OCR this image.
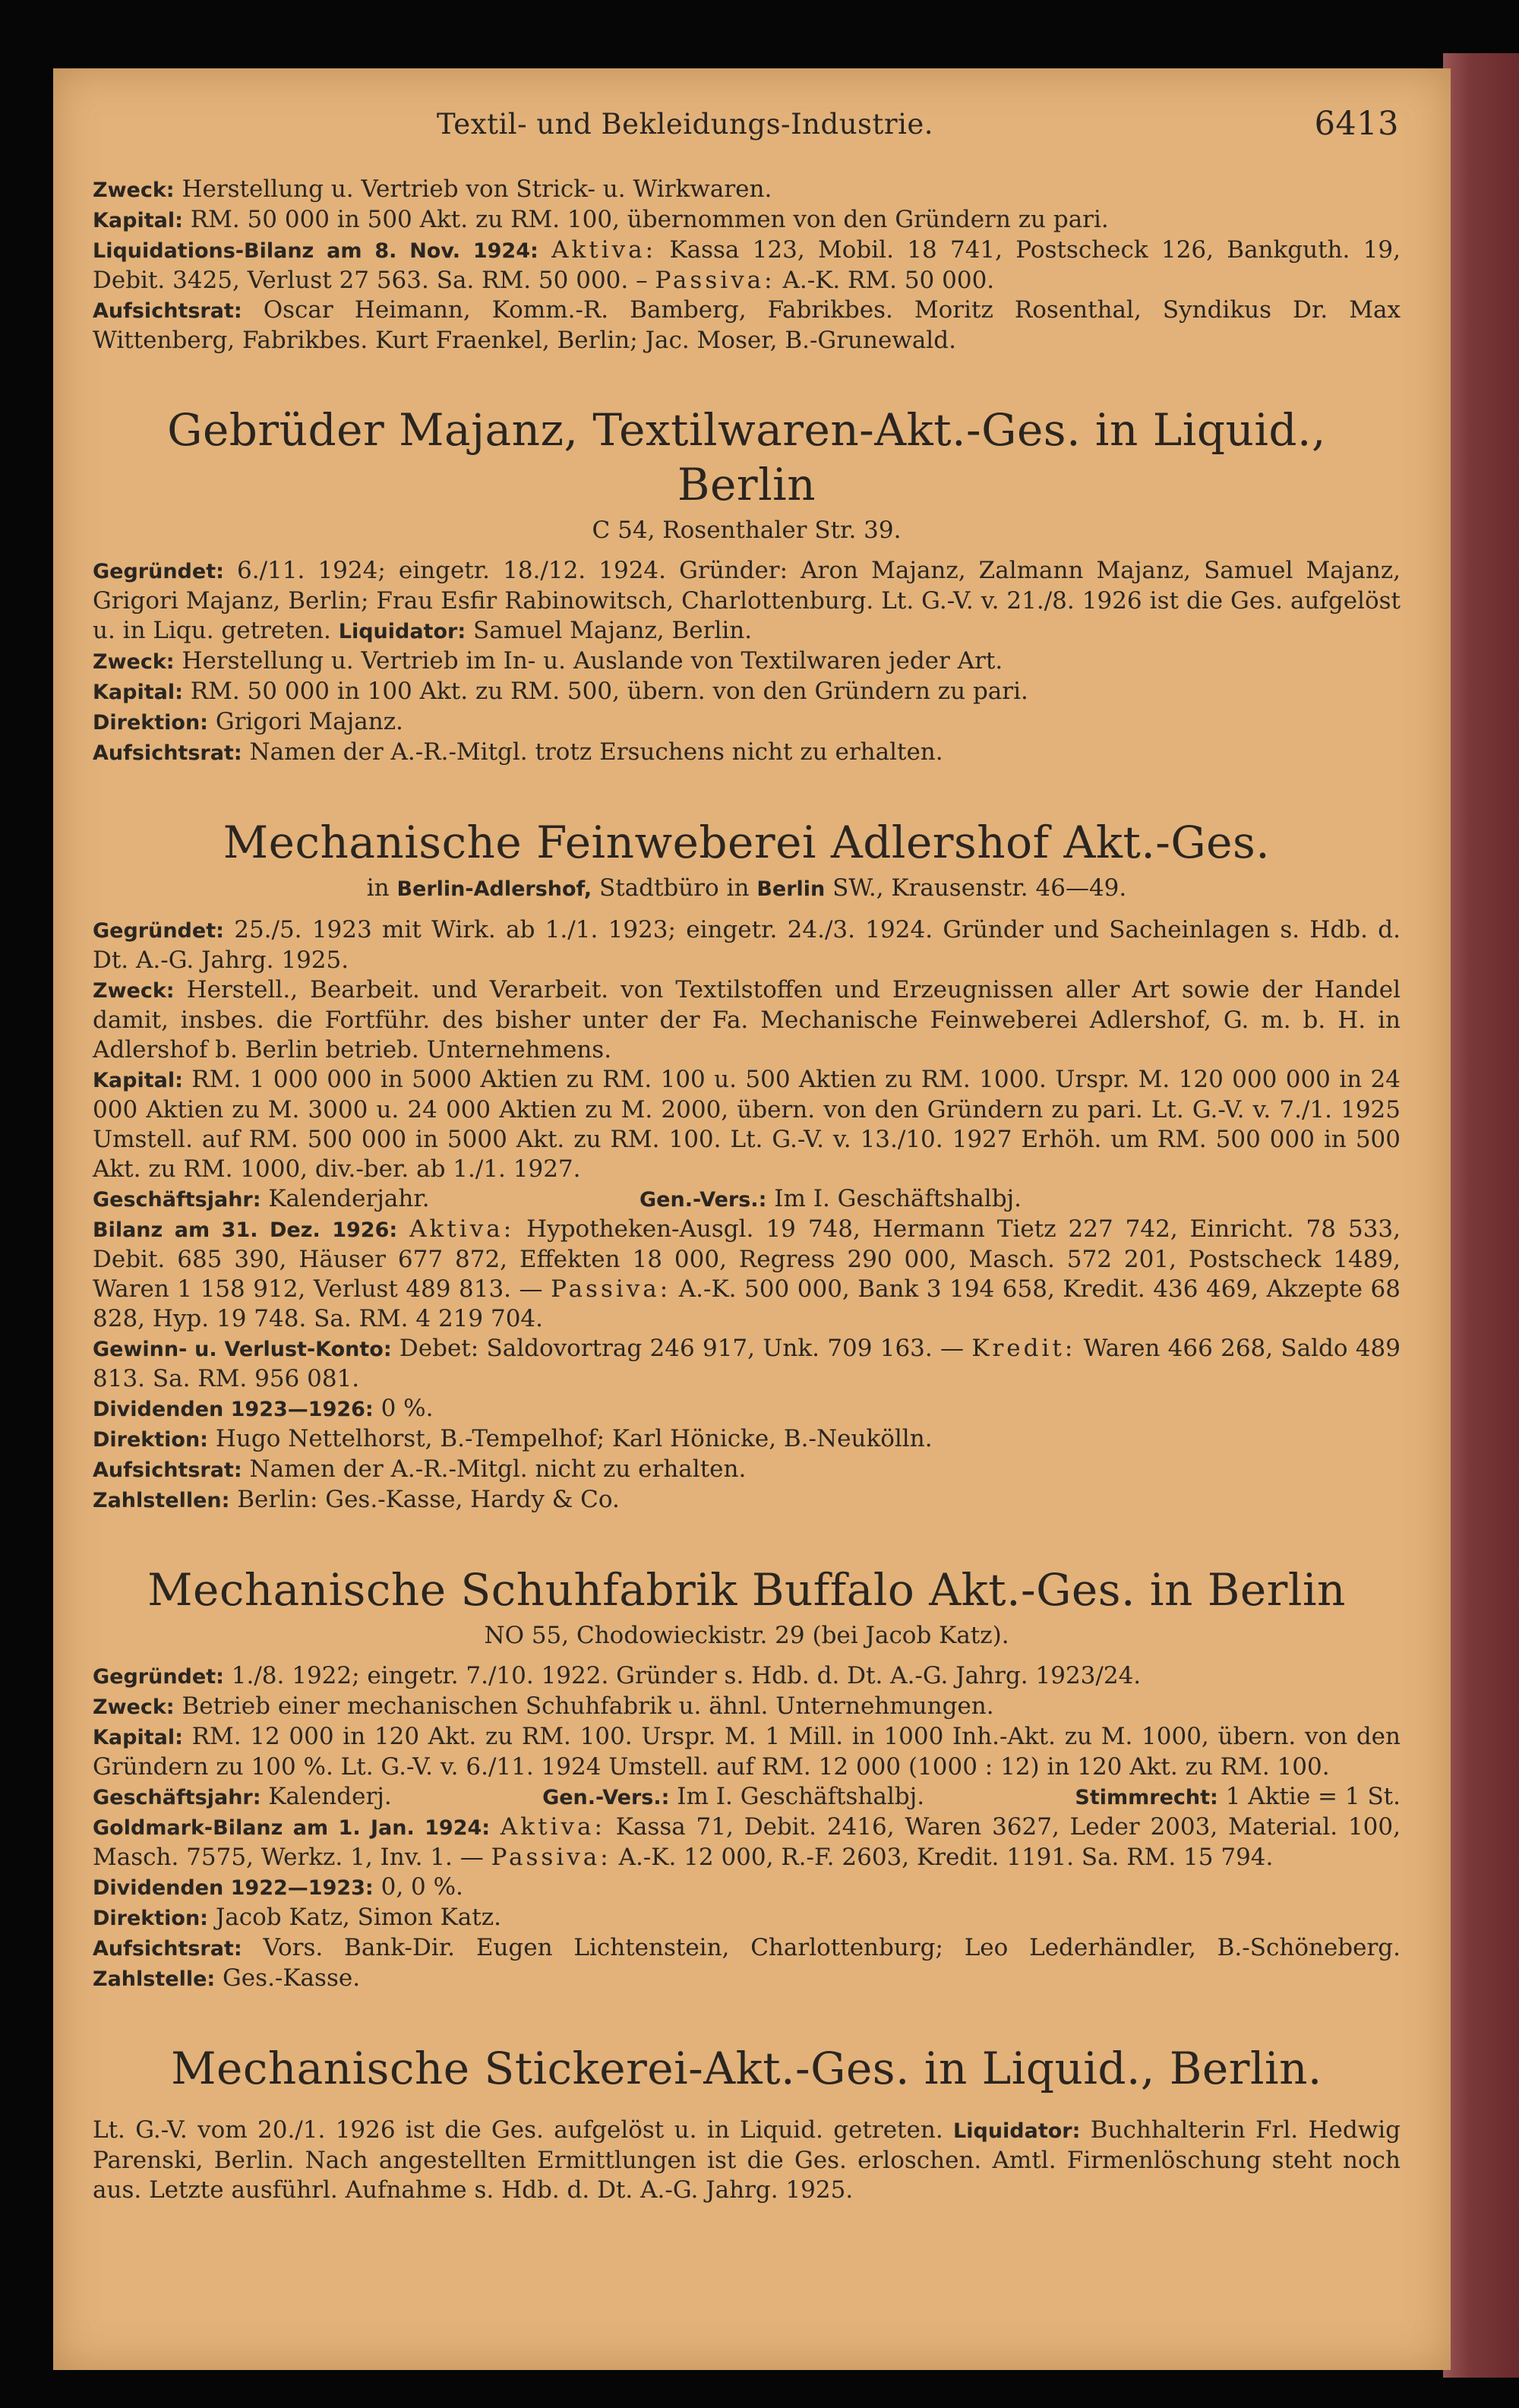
Textil- und Bekleidungs-Industrie.	6413

Zweck: Herstellung u. Vertrieb von Strick- u. Wirkwaren.

Kapital: RM. 50 000 in 500 Akt. zu RM. 100, übernommen von den Gründern zu pari.

Liquidations-Bilanz am 8. Nov. 1924: Aktiva: Kassa 123, Mobil. 18 741, Postscheck 126, Bankguth. 19, Debit. 3425, Verlust 27 563. Sa. RM. 50 000. – Passiva: A.-K. RM. 50 000.

Aufsichtsrat: Oscar Heimann, Komm.-R. Bamberg, Fabrikbes. Moritz Rosenthal, Syndikus Dr. Max Wittenberg, Fabrikbes. Kurt Fraenkel, Berlin; Jac. Moser, B.-Grunewald.

Gebrüder Majanz, Textilwaren-Akt.-Ges. in Liquid., Berlin
C 54, Rosenthaler Str. 39.

Gegründet: 6./11. 1924; eingetr. 18./12. 1924. Gründer: Aron Majanz, Zalmann Majanz, Samuel Majanz, Grigori Majanz, Berlin; Frau Esfir Rabinowitsch, Charlottenburg. Lt. G.-V. v. 21./8. 1926 ist die Ges. aufgelöst u. in Liqu. getreten. Liquidator: Samuel Majanz, Berlin.

Zweck: Herstellung u. Vertrieb im In- u. Auslande von Textilwaren jeder Art.

Kapital: RM. 50 000 in 100 Akt. zu RM. 500, übern. von den Gründern zu pari.

Direktion: Grigori Majanz.

Aufsichtsrat: Namen der A.-R.-Mitgl. trotz Ersuchens nicht zu erhalten.

Mechanische Feinweberei Adlershof Akt.-Ges.
in Berlin-Adlershof, Stadtbüro in Berlin SW., Krausenstr. 46—49.

Gegründet: 25./5. 1923 mit Wirk. ab 1./1. 1923; eingetr. 24./3. 1924. Gründer und Sacheinlagen s. Hdb. d. Dt. A.-G. Jahrg. 1925.

Zweck: Herstell., Bearbeit. und Verarbeit. von Textilstoffen und Erzeugnissen aller Art sowie der Handel damit, insbes. die Fortführ. des bisher unter der Fa. Mechanische Feinweberei Adlershof, G. m. b. H. in Adlershof b. Berlin betrieb. Unternehmens.

Kapital: RM. 1 000 000 in 5000 Aktien zu RM. 100 u. 500 Aktien zu RM. 1000. Urspr. M. 120 000 000 in 24 000 Aktien zu M. 3000 u. 24 000 Aktien zu M. 2000, übern. von den Gründern zu pari. Lt. G.-V. v. 7./1. 1925 Umstell. auf RM. 500 000 in 5000 Akt. zu RM. 100. Lt. G.-V. v. 13./10. 1927 Erhöh. um RM. 500 000 in 500 Akt. zu RM. 1000, div.-ber. ab 1./1. 1927.

Geschäftsjahr: Kalenderjahr.	Gen.-Vers.: Im I. Geschäftshalbj.

Bilanz am 31. Dez. 1926: Aktiva: Hypotheken-Ausgl. 19 748, Hermann Tietz 227 742, Einricht. 78 533, Debit. 685 390, Häuser 677 872, Effekten 18 000, Regress 290 000, Masch. 572 201, Postscheck 1489, Waren 1 158 912, Verlust 489 813. — Passiva: A.-K. 500 000, Bank 3 194 658, Kredit. 436 469, Akzepte 68 828, Hyp. 19 748. Sa. RM. 4 219 704.

Gewinn- u. Verlust-Konto: Debet: Saldovortrag 246 917, Unk. 709 163. — Kredit: Waren 466 268, Saldo 489 813. Sa. RM. 956 081.

Dividenden 1923—1926: 0 %.

Direktion: Hugo Nettelhorst, B.-Tempelhof; Karl Hönicke, B.-Neukölln.

Aufsichtsrat: Namen der A.-R.-Mitgl. nicht zu erhalten.

Zahlstellen: Berlin: Ges.-Kasse, Hardy & Co.

Mechanische Schuhfabrik Buffalo Akt.-Ges. in Berlin
NO 55, Chodowieckistr. 29 (bei Jacob Katz).

Gegründet: 1./8. 1922; eingetr. 7./10. 1922. Gründer s. Hdb. d. Dt. A.-G. Jahrg. 1923/24.

Zweck: Betrieb einer mechanischen Schuhfabrik u. ähnl. Unternehmungen.

Kapital: RM. 12 000 in 120 Akt. zu RM. 100. Urspr. M. 1 Mill. in 1000 Inh.-Akt. zu M. 1000, übern. von den Gründern zu 100 %. Lt. G.-V. v. 6./11. 1924 Umstell. auf RM. 12 000 (1000 : 12) in 120 Akt. zu RM. 100.

Geschäftsjahr: Kalenderj.	Gen.-Vers.: Im I. Geschäftshalbj.	Stimmrecht: 1 Aktie = 1 St.

Goldmark-Bilanz am 1. Jan. 1924: Aktiva: Kassa 71, Debit. 2416, Waren 3627, Leder 2003, Material. 100, Masch. 7575, Werkz. 1, Inv. 1. — Passiva: A.-K. 12 000, R.-F. 2603, Kredit. 1191. Sa. RM. 15 794.

Dividenden 1922—1923: 0, 0 %.

Direktion: Jacob Katz, Simon Katz.

Aufsichtsrat: Vors. Bank-Dir. Eugen Lichtenstein, Charlottenburg; Leo Lederhändler, B.-Schöneberg. Zahlstelle: Ges.-Kasse.

Mechanische Stickerei-Akt.-Ges. in Liquid., Berlin.

Lt. G.-V. vom 20./1. 1926 ist die Ges. aufgelöst u. in Liquid. getreten. Liquidator: Buchhalterin Frl. Hedwig Parenski, Berlin. Nach angestellten Ermittlungen ist die Ges. erloschen. Amtl. Firmenlöschung steht noch aus. Letzte ausführl. Aufnahme s. Hdb. d. Dt. A.-G. Jahrg. 1925.
